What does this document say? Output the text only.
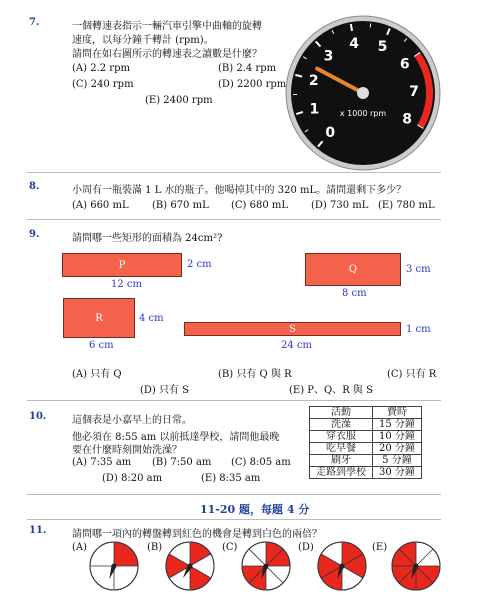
7.	一個轉速表指示一輛汽車引擎中曲軸的旋轉
速度，以每分鐘千轉計 (rpm)。
請問在如右圖所示的轉速表之讀數是什麼？
(A) 2.2 rpm	(B) 2.4 rpm
(C) 240 rpm	(D) 2200 rpm
(E) 2400 rpm
0
1
2
3
4 5
6
7
8
x 1000 rpm
8.	小周有一瓶裝滿 1 L 水的瓶子。他喝掉其中的 320 mL。請問還剩下多少？
(A) 660 mL (B) 670 mL (C) 680 mL (D) 730 mL (E) 780 mL
9.	請問哪一些矩形的面積為 24cm²?
P	2 cm
12 cm
Q	3 cm
8 cm
R	4 cm
6 cm
S	1 cm
24 cm
(A) 只有 Q	(B) 只有 Q 與 R	(C) 只有 R
(D) 只有 S	(E) P、Q、R 與 S
10.	這個表是小嘉早上的日常。
他必須在 8:55 am 以前抵達學校，請問他最晚
要在什麼時刻開始洗澡？
(A) 7:35 am (B) 7:50 am (C) 8:05 am
(D) 8:20 am	(E) 8:35 am
活動	費時
洗澡	15 分鐘
穿衣服	10 分鐘
吃早餐	20 分鐘
刷牙	5 分鐘
走路到學校	30 分鐘
11-20 題，每題 4 分
11.	請問哪一項內的轉盤轉到紅色的機會是轉到白色的兩倍？
(A)	(B)	(C)	(D)	(E)
